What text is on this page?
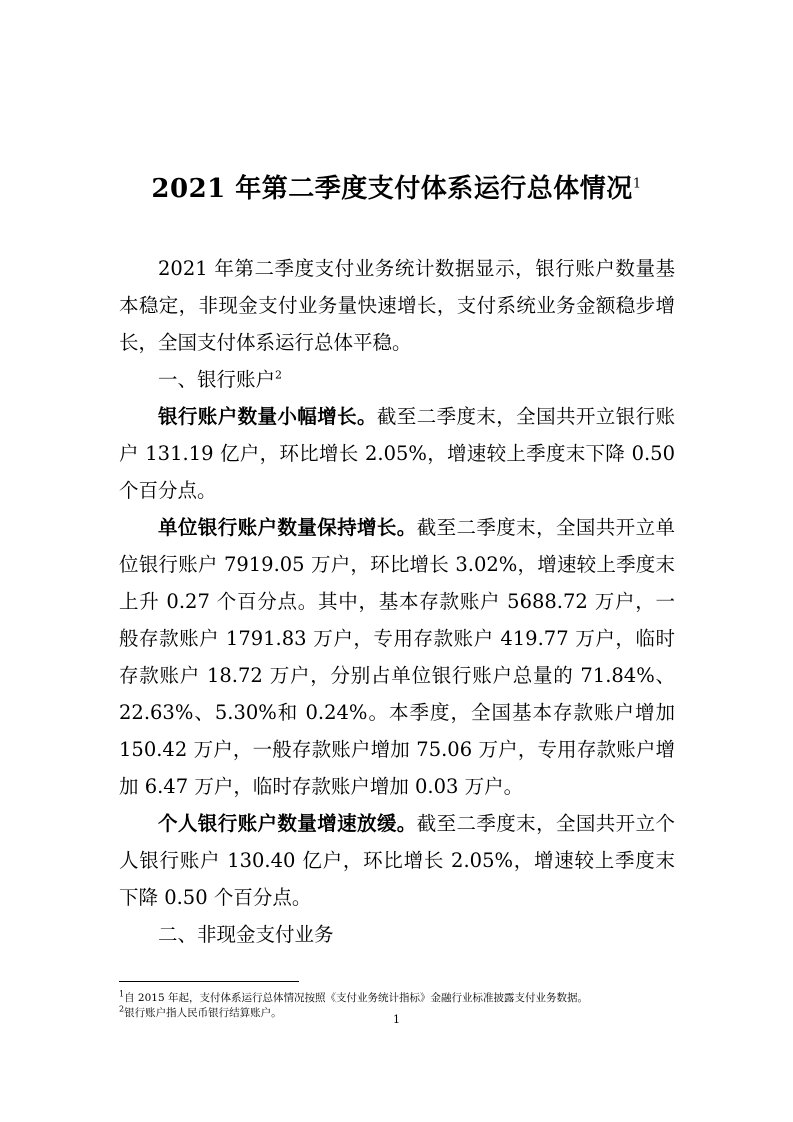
2021 年第二季度支付体系运行总体情况$^1$

2021 年第二季度支付业务统计数据显示，银行账户数量基本稳定，非现金支付业务量快速增长，支付系统业务金额稳步增长，全国支付体系运行总体平稳。

一、银行账户$^2$

银行账户数量小幅增长。截至二季度末，全国共开立银行账户 131.19 亿户，环比增长 2.05%，增速较上季度末下降 0.50 个百分点。

单位银行账户数量保持增长。截至二季度末，全国共开立单位银行账户 7919.05 万户，环比增长 3.02%，增速较上季度末上升 0.27 个百分点。其中，基本存款账户 5688.72 万户，一般存款账户 1791.83 万户，专用存款账户 419.77 万户，临时存款账户 18.72 万户，分别占单位银行账户总量的 71.84%、22.63%、5.30%和 0.24%。本季度，全国基本存款账户增加 150.42 万户，一般存款账户增加 75.06 万户，专用存款账户增加 6.47 万户，临时存款账户增加 0.03 万户。

个人银行账户数量增速放缓。截至二季度末，全国共开立个人银行账户 130.40 亿户，环比增长 2.05%，增速较上季度末下降 0.50 个百分点。

二、非现金支付业务

$^1$自 2015 年起，支付体系运行总体情况按照《支付业务统计指标》金融行业标准披露支付业务数据。
$^2$银行账户指人民币银行结算账户。	1
